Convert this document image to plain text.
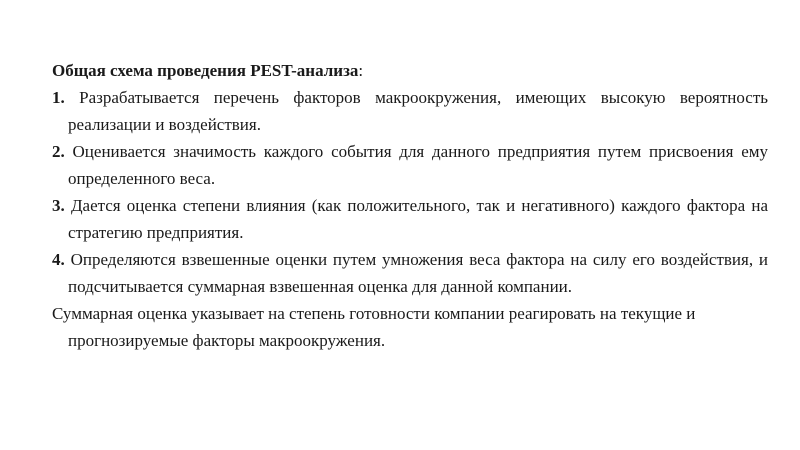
Общая схема проведения PEST-анализа:

1. Разрабатывается перечень факторов макроокружения, имеющих высокую вероятность реализации и воздействия.

2. Оценивается значимость каждого события для данного предприятия путем присвоения ему определенного веса.

3. Дается оценка степени влияния (как положительного, так и негативного) каждого фактора на стратегию предприятия.

4. Определяются взвешенные оценки путем умножения веса фактора на силу его воздействия, и подсчитывается суммарная взвешенная оценка для данной компании.

Суммарная оценка указывает на степень готовности компании реагировать на текущие и прогнозируемые факторы макроокружения.
